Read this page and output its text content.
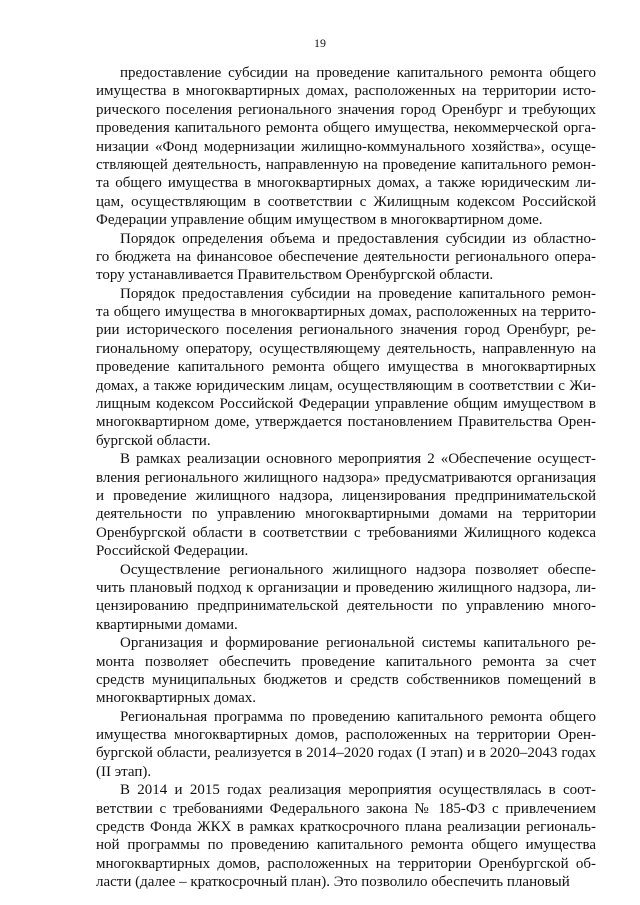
19
предоставление субсидии на проведение капитального ремонта общего
имущества в многоквартирных домах, расположенных на территории исто-
рического поселения регионального значения город Оренбург и требующих
проведения капитального ремонта общего имущества, некоммерческой орга-
низации «Фонд модернизации жилищно-коммунального хозяйства», осуще-
ствляющей деятельность, направленную на проведение капитального ремон-
та общего имущества в многоквартирных домах, а также юридическим ли-
цам, осуществляющим в соответствии с Жилищным кодексом Российской
Федерации управление общим имуществом в многоквартирном доме.
Порядок определения объема и предоставления субсидии из областно-
го бюджета на финансовое обеспечение деятельности регионального опера-
тору устанавливается Правительством Оренбургской области.
Порядок предоставления субсидии на проведение капитального ремон-
та общего имущества в многоквартирных домах, расположенных на террито-
рии исторического поселения регионального значения город Оренбург, ре-
гиональному оператору, осуществляющему деятельность, направленную на
проведение капитального ремонта общего имущества в многоквартирных
домах, а также юридическим лицам, осуществляющим в соответствии с Жи-
лищным кодексом Российской Федерации управление общим имуществом в
многоквартирном доме, утверждается постановлением Правительства Орен-
бургской области.
В рамках реализации основного мероприятия 2 «Обеспечение осущест-
вления регионального жилищного надзора» предусматриваются организация
и проведение жилищного надзора, лицензирования предпринимательской
деятельности по управлению многоквартирными домами на территории
Оренбургской области в соответствии с требованиями Жилищного кодекса
Российской Федерации.
Осуществление регионального жилищного надзора позволяет обеспе-
чить плановый подход к организации и проведению жилищного надзора, ли-
цензированию предпринимательской деятельности по управлению много-
квартирными домами.
Организация и формирование региональной системы капитального ре-
монта позволяет обеспечить проведение капитального ремонта за счет
средств муниципальных бюджетов и средств собственников помещений в
многоквартирных домах.
Региональная программа по проведению капитального ремонта общего
имущества многоквартирных домов, расположенных на территории Орен-
бургской области, реализуется в 2014–2020 годах (I этап) и в 2020–2043 годах
(II этап).
В 2014 и 2015 годах реализация мероприятия осуществлялась в соот-
ветствии с требованиями Федерального закона № 185-ФЗ с привлечением
средств Фонда ЖКХ в рамках краткосрочного плана реализации региональ-
ной программы по проведению капитального ремонта общего имущества
многоквартирных домов, расположенных на территории Оренбургской об-
ласти (далее – краткосрочный план). Это позволило обеспечить плановый
